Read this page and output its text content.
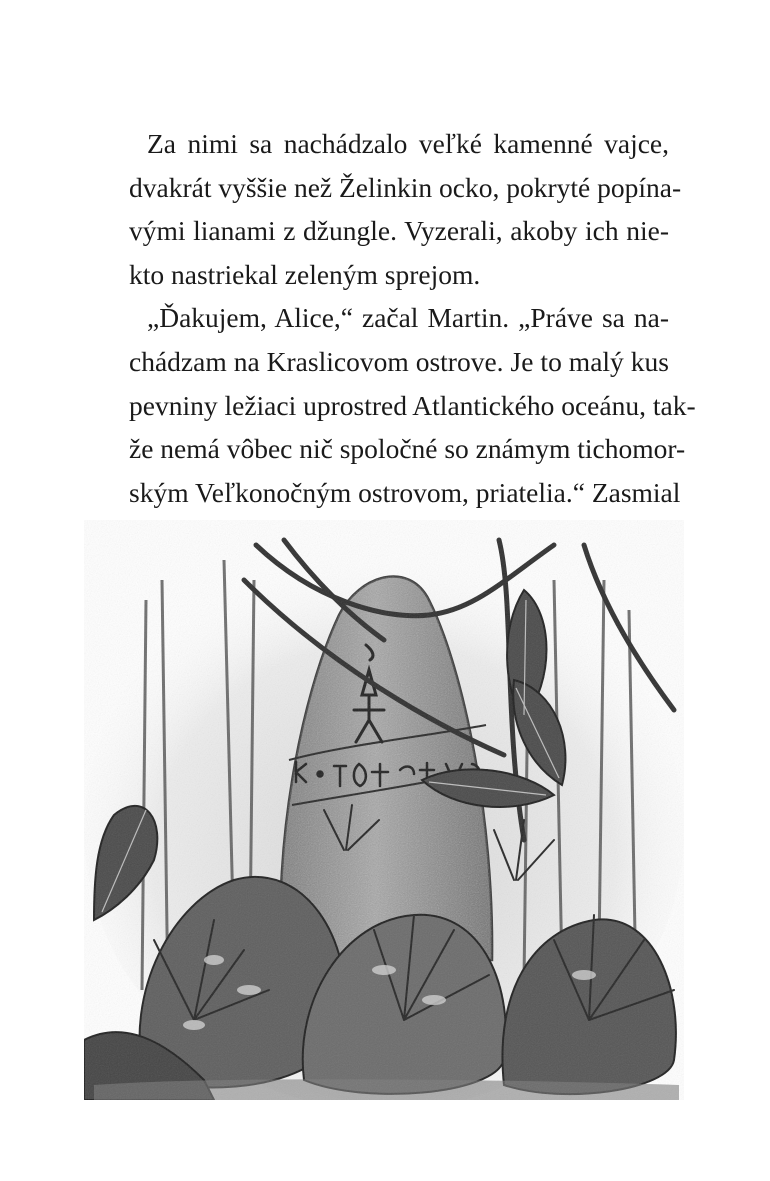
Za nimi sa nachádzalo veľké kamenné vajce,
dvakrát vyššie než Želinkin ocko, pokryté popína-
vými lianami z džungle. Vyzerali, akoby ich nie-
kto nastriekal zeleným sprejom.
„Ďakujem, Alice,“ začal Martin. „Práve sa na-
chádzam na Kraslicovom ostrove. Je to malý kus
pevniny ležiaci uprostred Atlantického oceánu, tak-
že nemá vôbec nič spoločné so známym tichomor-
ským Veľkonočným ostrovom, priatelia.“ Zasmial
